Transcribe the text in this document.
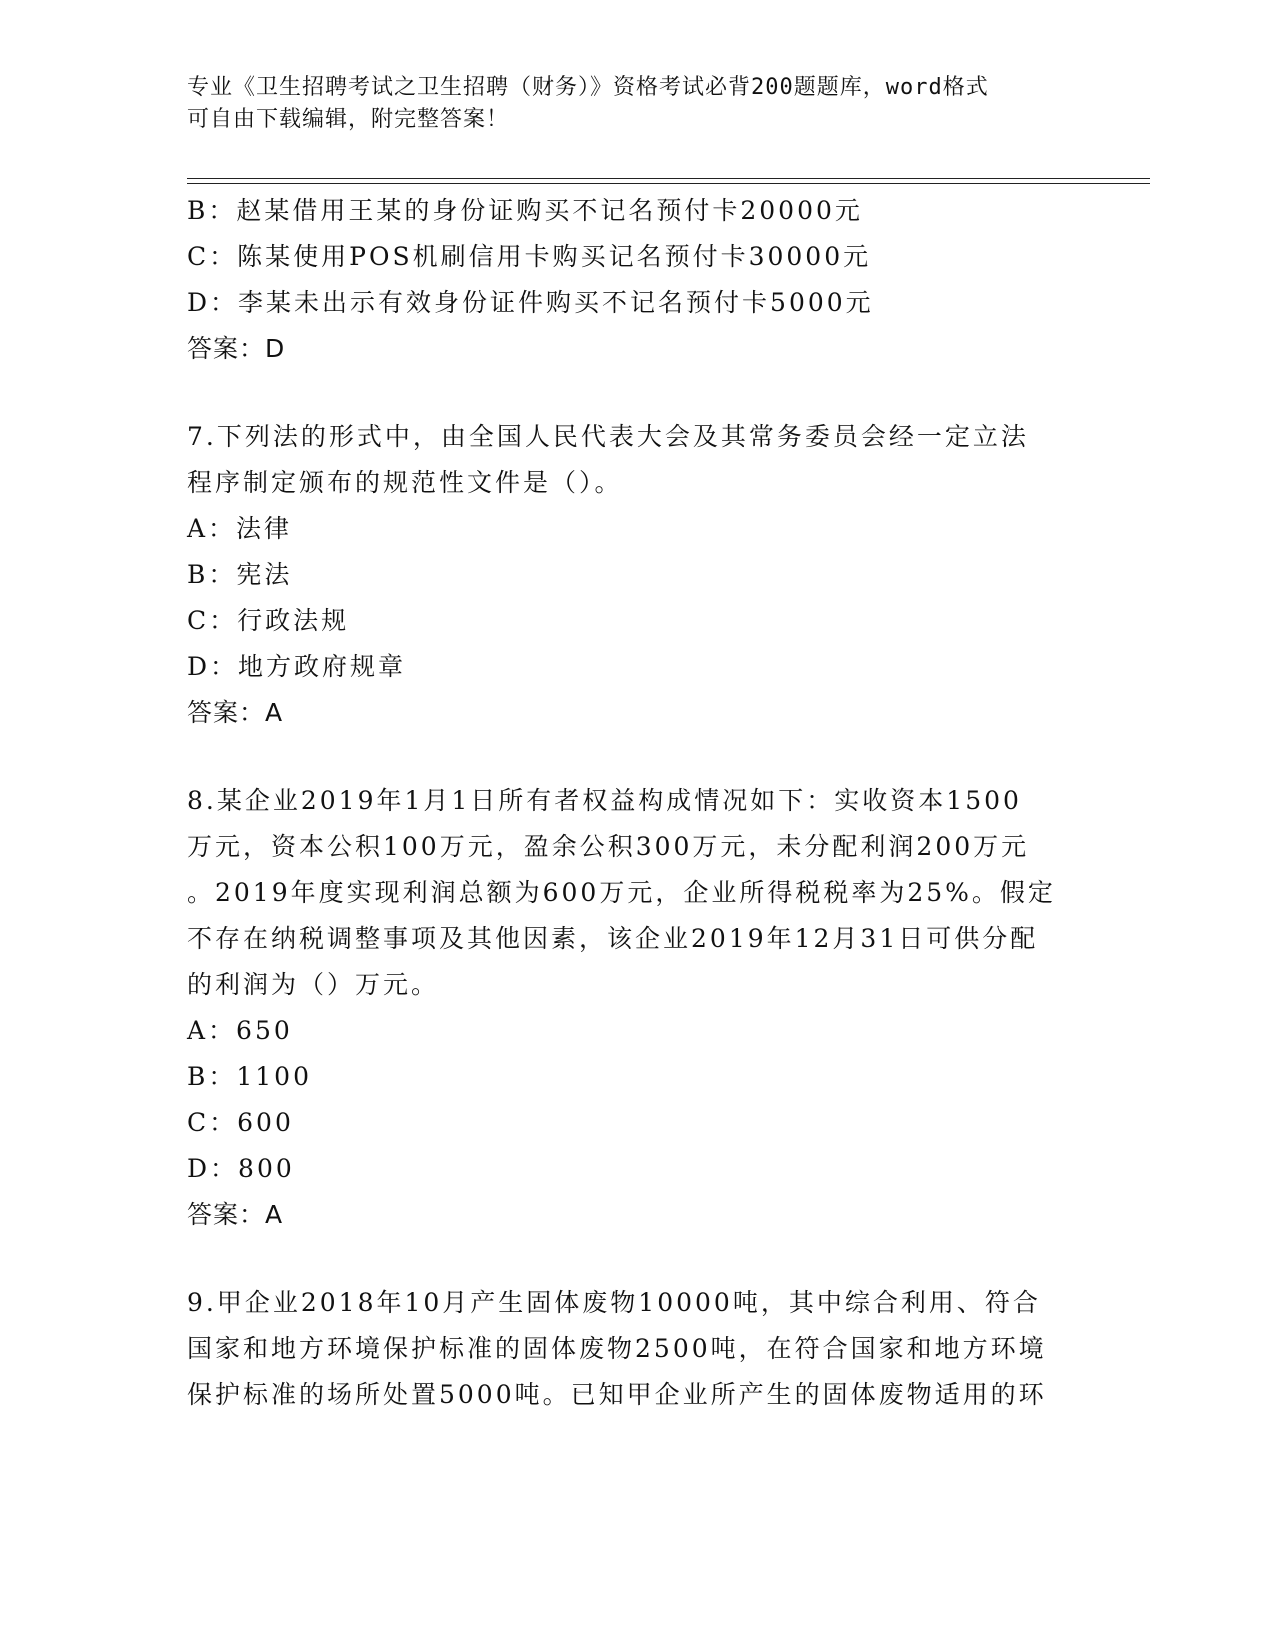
专业《卫生招聘考试之卫生招聘（财务）》资格考试必背200题题库，word格式
可自由下载编辑，附完整答案！
B：赵某借用王某的身份证购买不记名预付卡20000元
C：陈某使用POS机刷信用卡购买记名预付卡30000元
D：李某未出示有效身份证件购买不记名预付卡5000元
答案：D
7.下列法的形式中，由全国人民代表大会及其常务委员会经一定立法
程序制定颁布的规范性文件是（）。
A：法律
B：宪法
C：行政法规
D：地方政府规章
答案：A
8.某企业2019年1月1日所有者权益构成情况如下：实收资本1500
万元，资本公积100万元，盈余公积300万元，未分配利润200万元
。2019年度实现利润总额为600万元，企业所得税税率为25%。假定
不存在纳税调整事项及其他因素，该企业2019年12月31日可供分配
的利润为（）万元。
A：650
B：1100
C：600
D：800
答案：A
9.甲企业2018年10月产生固体废物10000吨，其中综合利用、符合
国家和地方环境保护标准的固体废物2500吨，在符合国家和地方环境
保护标准的场所处置5000吨。已知甲企业所产生的固体废物适用的环
